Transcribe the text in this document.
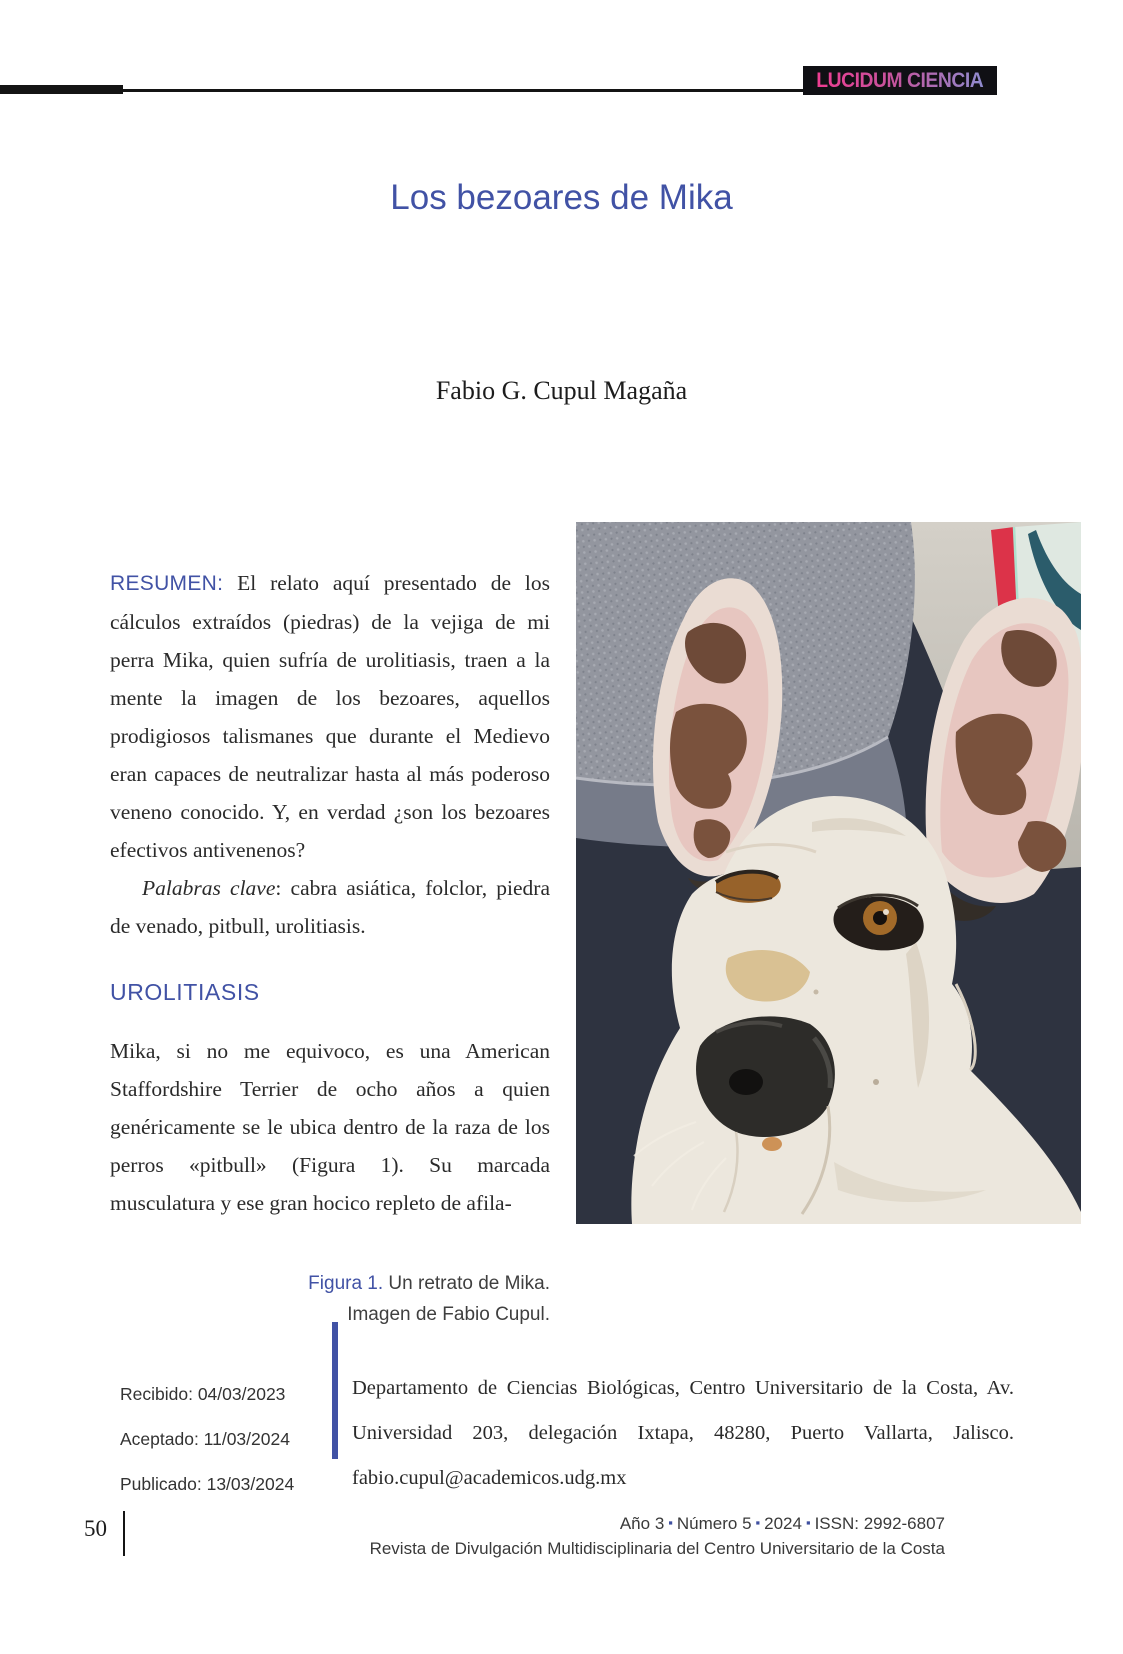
LUCIDUM CIENCIA
Los bezoares de Mika
Fabio G. Cupul Magaña

RESUMEN: El relato aquí presentado de los cálculos extraídos (piedras) de la vejiga de mi perra Mika, quien sufría de urolitiasis, traen a la mente la imagen de los bezoares, aquellos prodigiosos talismanes que durante el Medievo eran capaces de neutralizar hasta al más poderoso veneno conocido. Y, en verdad ¿son los bezoares efectivos antivenenos?

Palabras clave: cabra asiática, folclor, piedra de venado, pitbull, urolitiasis.

UROLITIASIS

Mika, si no me equivoco, es una American Staffordshire Terrier de ocho años a quien genéricamente se le ubica dentro de la raza de los perros «pitbull» (Figura 1). Su marcada musculatura y ese gran hocico repleto de afila-

Figura 1. Un retrato de Mika.
Imagen de Fabio Cupul.
Recibido: 04/03/2023
Aceptado: 11/03/2024
Publicado: 13/03/2024
Departamento de Ciencias Biológicas, Centro Universitario de la Costa, Av. Universidad 203, delegación Ixtapa, 48280, Puerto Vallarta, Jalisco. fabio.cupul@academicos.udg.mx
Año 3 ▪ Número 5 ▪ 2024 ▪ ISSN: 2992-6807
Revista de Divulgación Multidisciplinaria del Centro Universitario de la Costa
50
